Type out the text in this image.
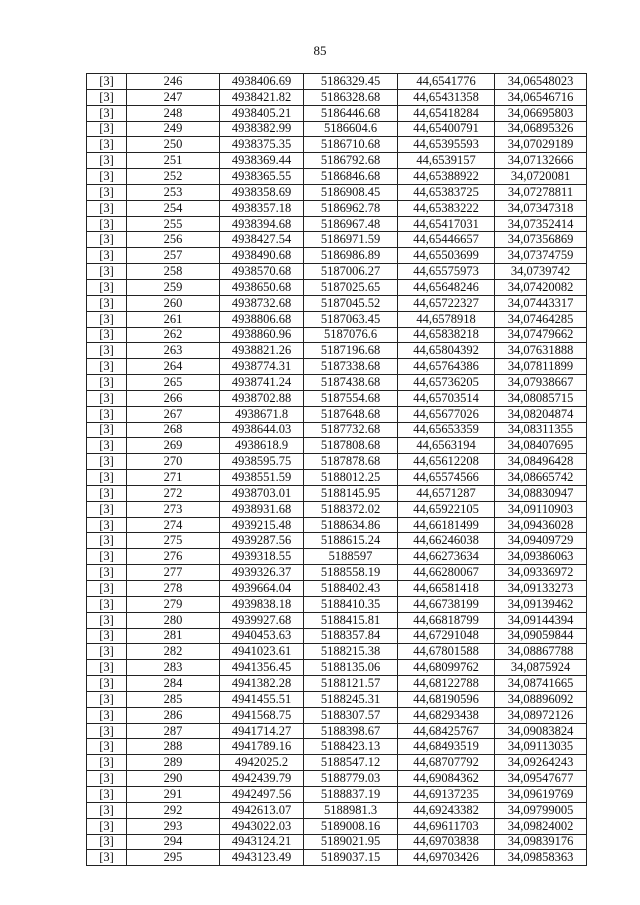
85
[3]	246	4938406.69	5186329.45	44,6541776	34,06548023
[3]	247	4938421.82	5186328.68	44,65431358	34,06546716
[3]	248	4938405.21	5186446.68	44,65418284	34,06695803
[3]	249	4938382.99	5186604.6	44,65400791	34,06895326
[3]	250	4938375.35	5186710.68	44,65395593	34,07029189
[3]	251	4938369.44	5186792.68	44,6539157	34,07132666
[3]	252	4938365.55	5186846.68	44,65388922	34,0720081
[3]	253	4938358.69	5186908.45	44,65383725	34,07278811
[3]	254	4938357.18	5186962.78	44,65383222	34,07347318
[3]	255	4938394.68	5186967.48	44,65417031	34,07352414
[3]	256	4938427.54	5186971.59	44,65446657	34,07356869
[3]	257	4938490.68	5186986.89	44,65503699	34,07374759
[3]	258	4938570.68	5187006.27	44,65575973	34,0739742
[3]	259	4938650.68	5187025.65	44,65648246	34,07420082
[3]	260	4938732.68	5187045.52	44,65722327	34,07443317
[3]	261	4938806.68	5187063.45	44,6578918	34,07464285
[3]	262	4938860.96	5187076.6	44,65838218	34,07479662
[3]	263	4938821.26	5187196.68	44,65804392	34,07631888
[3]	264	4938774.31	5187338.68	44,65764386	34,07811899
[3]	265	4938741.24	5187438.68	44,65736205	34,07938667
[3]	266	4938702.88	5187554.68	44,65703514	34,08085715
[3]	267	4938671.8	5187648.68	44,65677026	34,08204874
[3]	268	4938644.03	5187732.68	44,65653359	34,08311355
[3]	269	4938618.9	5187808.68	44,6563194	34,08407695
[3]	270	4938595.75	5187878.68	44,65612208	34,08496428
[3]	271	4938551.59	5188012.25	44,65574566	34,08665742
[3]	272	4938703.01	5188145.95	44,6571287	34,08830947
[3]	273	4938931.68	5188372.02	44,65922105	34,09110903
[3]	274	4939215.48	5188634.86	44,66181499	34,09436028
[3]	275	4939287.56	5188615.24	44,66246038	34,09409729
[3]	276	4939318.55	5188597	44,66273634	34,09386063
[3]	277	4939326.37	5188558.19	44,66280067	34,09336972
[3]	278	4939664.04	5188402.43	44,66581418	34,09133273
[3]	279	4939838.18	5188410.35	44,66738199	34,09139462
[3]	280	4939927.68	5188415.81	44,66818799	34,09144394
[3]	281	4940453.63	5188357.84	44,67291048	34,09059844
[3]	282	4941023.61	5188215.38	44,67801588	34,08867788
[3]	283	4941356.45	5188135.06	44,68099762	34,0875924
[3]	284	4941382.28	5188121.57	44,68122788	34,08741665
[3]	285	4941455.51	5188245.31	44,68190596	34,08896092
[3]	286	4941568.75	5188307.57	44,68293438	34,08972126
[3]	287	4941714.27	5188398.67	44,68425767	34,09083824
[3]	288	4941789.16	5188423.13	44,68493519	34,09113035
[3]	289	4942025.2	5188547.12	44,68707792	34,09264243
[3]	290	4942439.79	5188779.03	44,69084362	34,09547677
[3]	291	4942497.56	5188837.19	44,69137235	34,09619769
[3]	292	4942613.07	5188981.3	44,69243382	34,09799005
[3]	293	4943022.03	5189008.16	44,69611703	34,09824002
[3]	294	4943124.21	5189021.95	44,69703838	34,09839176
[3]	295	4943123.49	5189037.15	44,69703426	34,09858363
